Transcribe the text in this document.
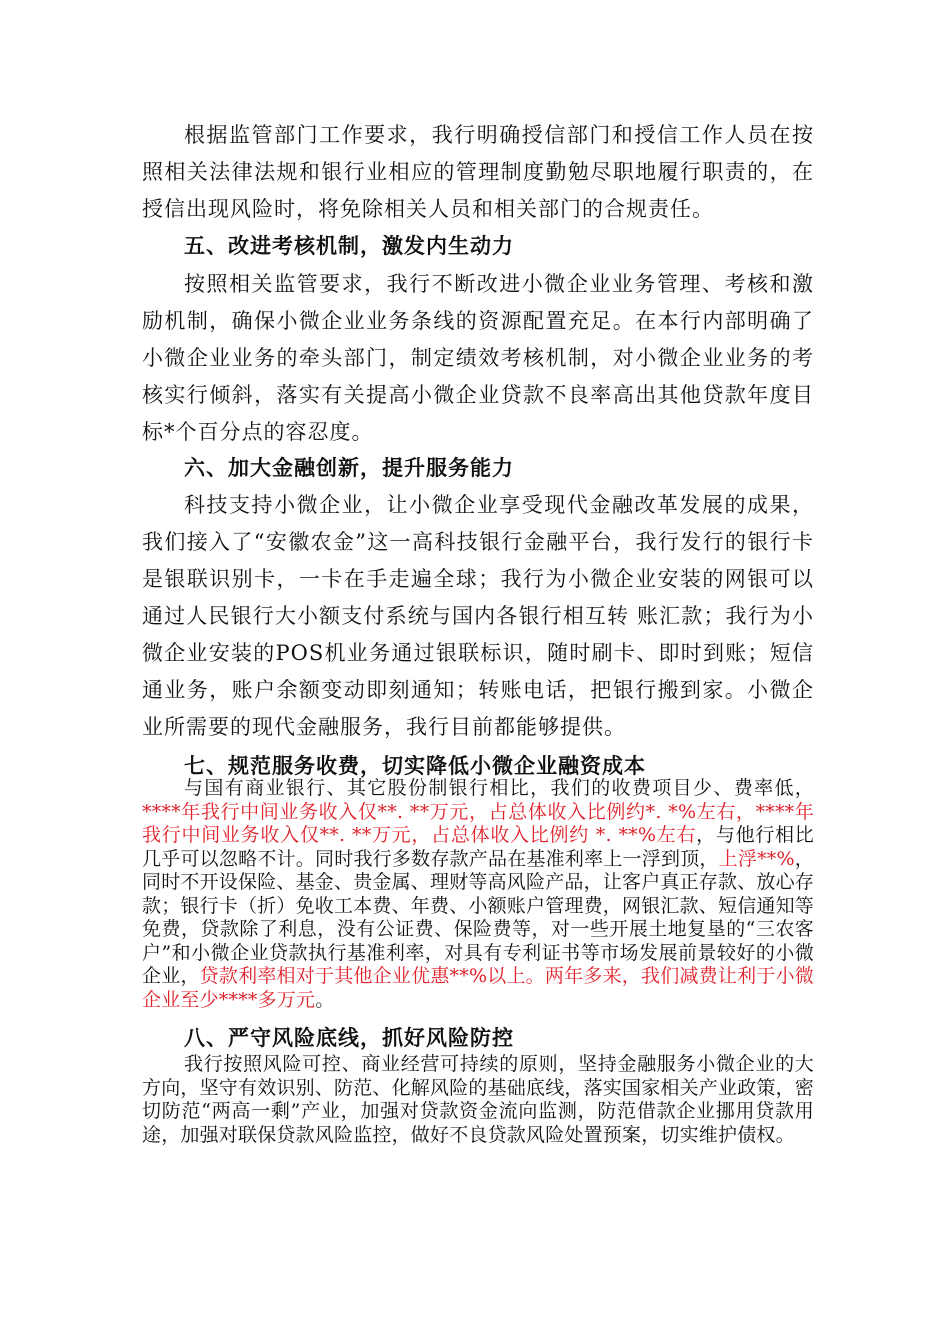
根据监管部门工作要求，我行明确授信部门和授信工作人员在按照相关法律法规和银行业相应的管理制度勤勉尽职地履行职责的，在授信出现风险时，将免除相关人员和相关部门的合规责任。

五、改进考核机制，激发内生动力

按照相关监管要求，我行不断改进小微企业业务管理、考核和激励机制，确保小微企业业务条线的资源配置充足。在本行内部明确了小微企业业务的牵头部门，制定绩效考核机制，对小微企业业务的考核实行倾斜，落实有关提高小微企业贷款不良率高出其他贷款年度目标*个百分点的容忍度。

六、加大金融创新，提升服务能力

科技支持小微企业，让小微企业享受现代金融改革发展的成果，我们接入了“安徽农金”这一高科技银行金融平台，我行发行的银行卡是银联识别卡，一卡在手走遍全球；我行为小微企业安装的网银可以通过人民银行大小额支付系统与国内各银行相互转 账汇款；我行为小微企业安装的POS机业务通过银联标识，随时刷卡、即时到账；短信通业务，账户余额变动即刻通知；转账电话，把银行搬到家。小微企业所需要的现代金融服务，我行目前都能够提供。

七、规范服务收费，切实降低小微企业融资成本

与国有商业银行、其它股份制银行相比，我们的收费项目少、费率低，****年我行中间业务收入仅**. **万元，占总体收入比例约*. *%左右，****年我行中间业务收入仅**. **万元，占总体收入比例约 *. **%左右，与他行相比几乎可以忽略不计。同时我行多数存款产品在基准利率上一浮到顶，上浮**%，同时不开设保险、基金、贵金属、理财等高风险产品，让客户真正存款、放心存款；银行卡（折）免收工本费、年费、小额账户管理费，网银汇款、短信通知等免费，贷款除了利息，没有公证费、保险费等，对一些开展土地复垦的“三农客户”和小微企业贷款执行基准利率，对具有专利证书等市场发展前景较好的小微企业，贷款利率相对于其他企业优惠**%以上。两年多来，我们减费让利于小微企业至少****多万元。

八、严守风险底线，抓好风险防控

我行按照风险可控、商业经营可持续的原则，坚持金融服务小微企业的大方向，坚守有效识别、防范、化解风险的基础底线，落实国家相关产业政策，密切防范“两高一剩”产业，加强对贷款资金流向监测，防范借款企业挪用贷款用途，加强对联保贷款风险监控，做好不良贷款风险处置预案，切实维护债权。
